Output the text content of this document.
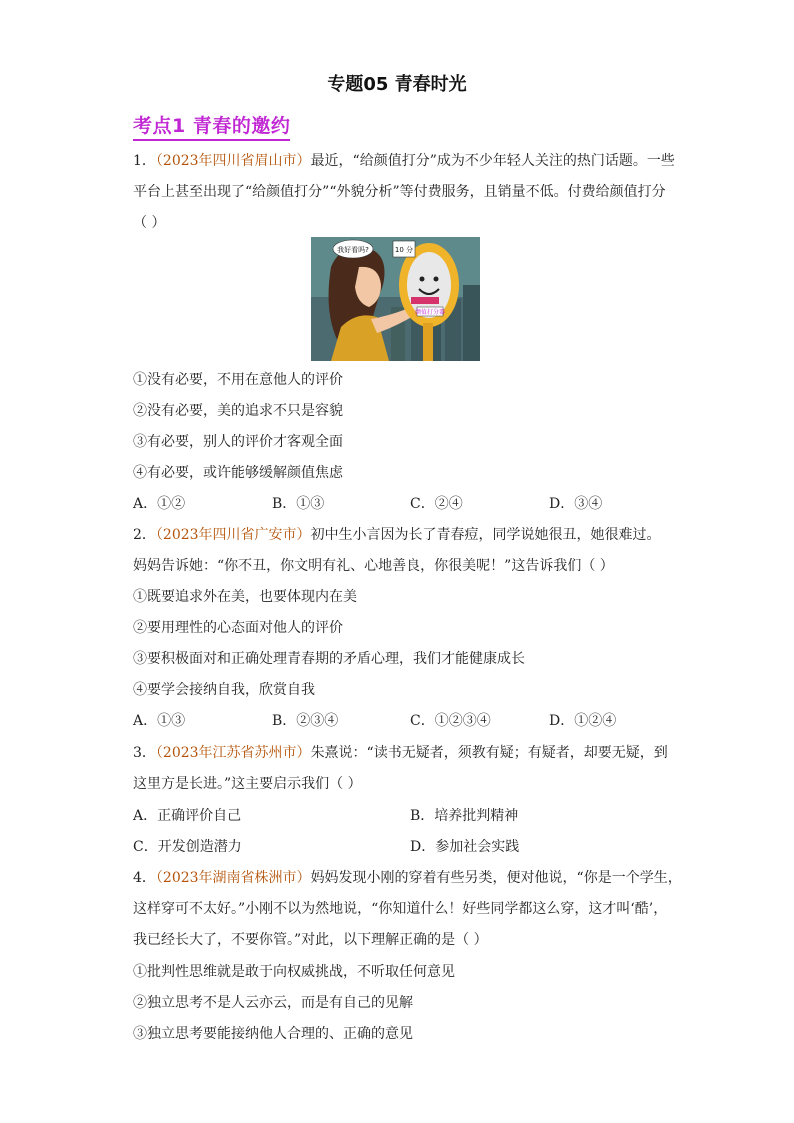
专题05 青春时光
考点1 青春的邀约
1．（2023年四川省眉山市）最近，“给颜值打分”成为不少年轻人关注的热门话题。一些
平台上甚至出现了“给颜值打分”“外貌分析”等付费服务，且销量不低。付费给颜值打分
（ ）
颜值打分器
10 分
我好看吗?
①没有必要，不用在意他人的评价
②没有必要，美的追求不只是容貌
③有必要，别人的评价才客观全面
④有必要，或许能够缓解颜值焦虑
A．①②	B．①③	C．②④	D．③④
2．（2023年四川省广安市）初中生小言因为长了青春痘，同学说她很丑，她很难过。
妈妈告诉她：“你不丑，你文明有礼、心地善良，你很美呢！”这告诉我们（ ）
①既要追求外在美，也要体现内在美
②要用理性的心态面对他人的评价
③要积极面对和正确处理青春期的矛盾心理，我们才能健康成长
④要学会接纳自我，欣赏自我
A．①③	B．②③④	C．①②③④	D．①②④
3．（2023年江苏省苏州市）朱熹说：“读书无疑者，须教有疑；有疑者，却要无疑，到
这里方是长进。”这主要启示我们（ ）
A．正确评价自己	B．培养批判精神
C．开发创造潜力	D．参加社会实践
4．（2023年湖南省株洲市）妈妈发现小刚的穿着有些另类，便对他说，“你是一个学生，
这样穿可不太好。”小刚不以为然地说，“你知道什么！好些同学都这么穿，这才叫‘酷’，
我已经长大了，不要你管。”对此，以下理解正确的是（ ）
①批判性思维就是敢于向权威挑战，不听取任何意见
②独立思考不是人云亦云，而是有自己的见解
③独立思考要能接纳他人合理的、正确的意见
